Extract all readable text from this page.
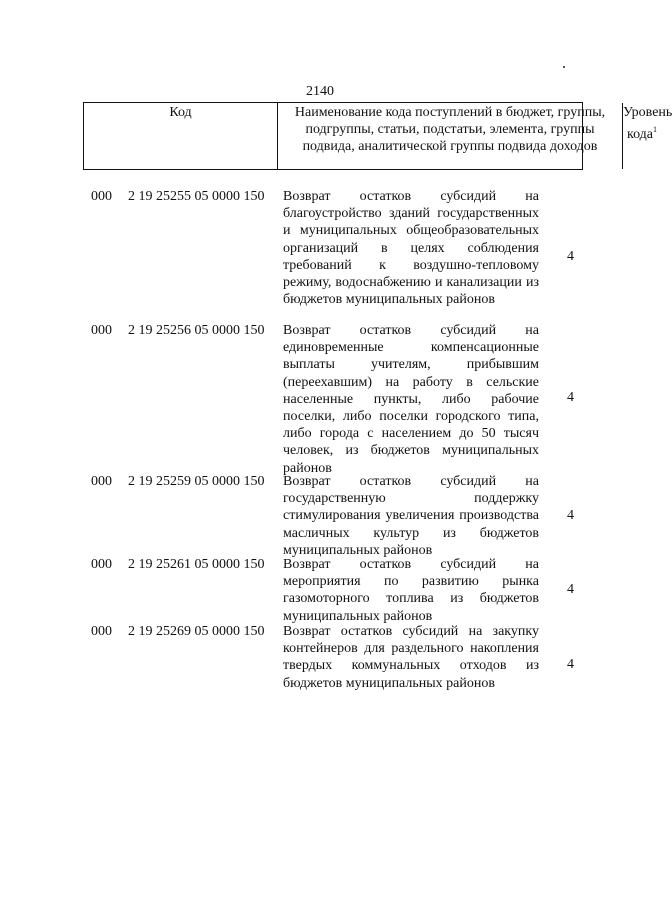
2140
Код	Наименование кода поступлений в бюджет, группы, подгруппы, статьи, подстатьи, элемента, группы подвида, аналитической группы подвида доходов
Уровень кода$^1$
000 2 19 25255 05 0000 150 Возврат остатков субсидий на благоустройство зданий государственных и муниципальных общеобразовательных организаций в целях соблюдения требований к воздушно-тепловому режиму, водоснабжению и канализации из бюджетов муниципальных районов
4
000 2 19 25256 05 0000 150 Возврат остатков субсидий на единовременные компенсационные выплаты учителям, прибывшим (переехавшим) на работу в сельские населенные пункты, либо рабочие поселки, либо поселки городского типа, либо города с населением до 50 тысяч человек, из бюджетов муниципальных районов
4
000 2 19 25259 05 0000 150 Возврат остатков субсидий на государственную поддержку стимулирования увеличения производства масличных культур из бюджетов муниципальных районов
4
000 2 19 25261 05 0000 150 Возврат остатков субсидий на мероприятия по развитию рынка газомоторного топлива из бюджетов муниципальных районов
4
000 2 19 25269 05 0000 150 Возврат остатков субсидий на закупку контейнеров для раздельного накопления твердых коммунальных отходов из бюджетов муниципальных районов
4
